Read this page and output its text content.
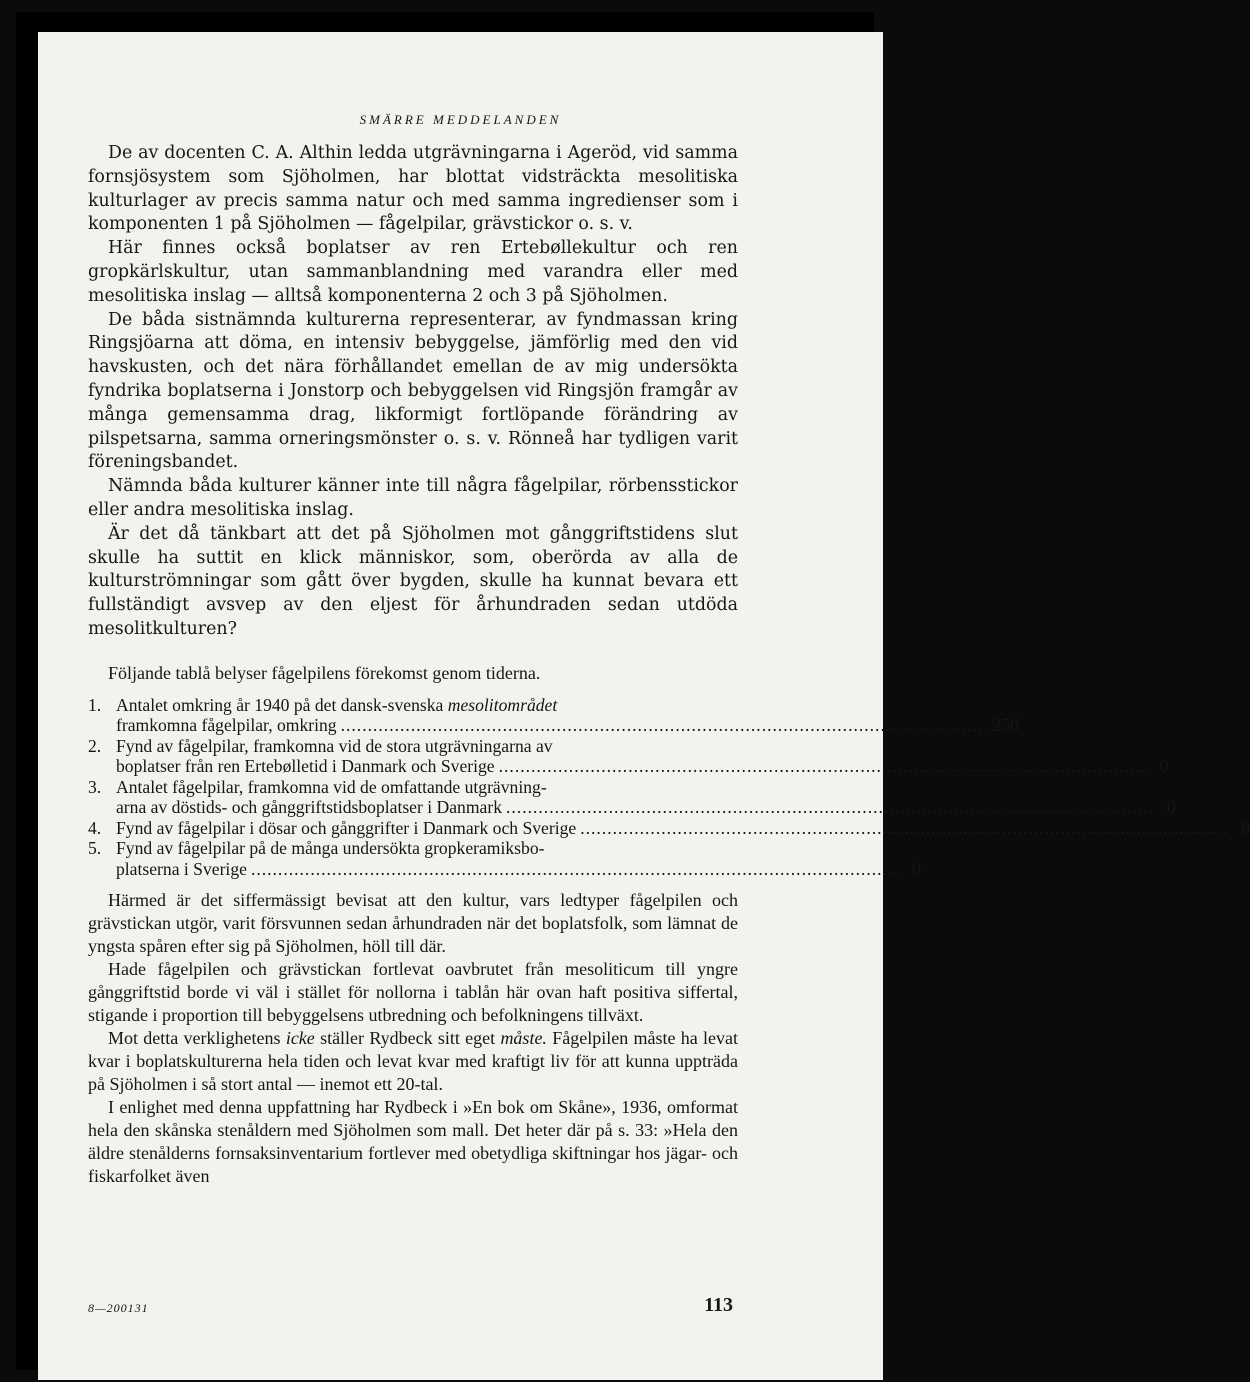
SMÄRRE MEDDELANDEN

De av docenten C. A. Althin ledda utgrävningarna i Ageröd, vid samma fornsjösystem som Sjöholmen, har blottat vidsträckta mesolitiska kulturlager av precis samma natur och med samma ingredienser som i komponenten 1 på Sjöholmen — fågelpilar, grävstickor o. s. v.

Här finnes också boplatser av ren Ertebøllekultur och ren gropkärlskultur, utan sammanblandning med varandra eller med mesolitiska inslag — alltså komponenterna 2 och 3 på Sjöholmen.

De båda sistnämnda kulturerna representerar, av fyndmassan kring Ringsjöarna att döma, en intensiv bebyggelse, jämförlig med den vid havskusten, och det nära förhållandet emellan de av mig undersökta fyndrika boplatserna i Jonstorp och bebyggelsen vid Ringsjön framgår av många gemensamma drag, likformigt fortlöpande förändring av pilspetsarna, samma orneringsmönster o. s. v. Rönneå har tydligen varit föreningsbandet.

Nämnda båda kulturer känner inte till några fågelpilar, rörbensstickor eller andra mesolitiska inslag.

Är det då tänkbart att det på Sjöholmen mot gånggriftstidens slut skulle ha suttit en klick människor, som, oberörda av alla de kulturströmningar som gått över bygden, skulle ha kunnat bevara ett fullständigt avsvep av den eljest för århundraden sedan utdöda mesolitkulturen?

Följande tablå belyser fågelpilens förekomst genom tiderna.

1. Antalet omkring år 1940 på det dansk-svenska mesolitområdet
framkomna fågelpilar, omkring .....	250
2. Fynd av fågelpilar, framkomna vid de stora utgrävningarna av
boplatser från ren Ertebølletid i Danmark och Sverige .....	0
3. Antalet fågelpilar, framkomna vid de omfattande utgrävning-
arna av döstids- och gånggriftstidsboplatser i Danmark .....	0
4. Fynd av fågelpilar i dösar och gånggrifter i Danmark och Sverige .....	0
5. Fynd av fågelpilar på de många undersökta gropkeramiksbo-
platserna i Sverige .....	0

Härmed är det siffermässigt bevisat att den kultur, vars ledtyper fågelpilen och grävstickan utgör, varit försvunnen sedan århundraden när det boplatsfolk, som lämnat de yngsta spåren efter sig på Sjöholmen, höll till där.

Hade fågelpilen och grävstickan fortlevat oavbrutet från mesoliticum till yngre gånggriftstid borde vi väl i stället för nollorna i tablån här ovan haft positiva siffertal, stigande i proportion till bebyggelsens utbredning och befolkningens tillväxt.

Mot detta verklighetens icke ställer Rydbeck sitt eget måste. Fågelpilen måste ha levat kvar i boplatskulturerna hela tiden och levat kvar med kraftigt liv för att kunna uppträda på Sjöholmen i så stort antal — inemot ett 20-tal.

I enlighet med denna uppfattning har Rydbeck i »En bok om Skåne», 1936, omformat hela den skånska stenåldern med Sjöholmen som mall. Det heter där på s. 33: »Hela den äldre stenålderns fornsaksinventarium fortlever med obetydliga skiftningar hos jägar- och fiskarfolket även

8—200131	113
